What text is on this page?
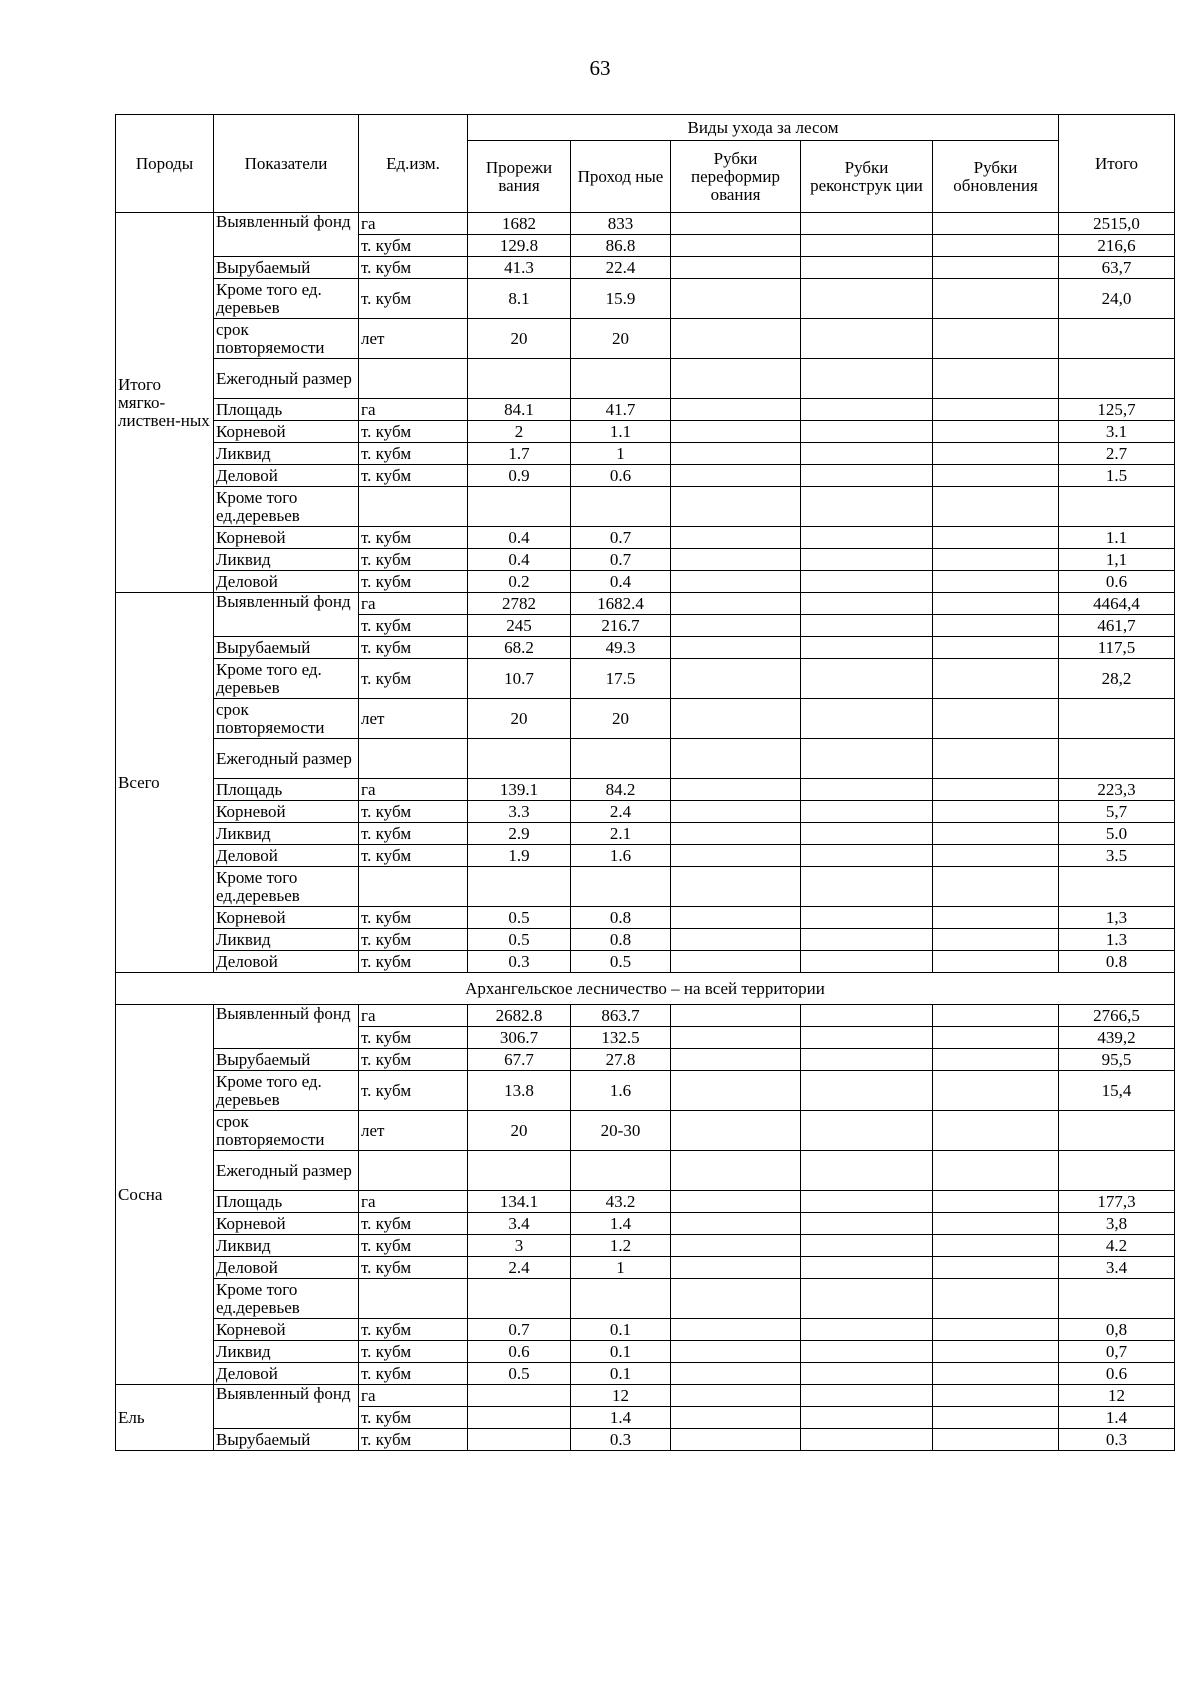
63
Породы	Показатели	Ед.изм.	Виды ухода за лесом					Итого
			Прорежи вания	Проход ные	Рубки переформир ования	Рубки реконструк ции	Рубки обновления	
Итого мягко-листвен-ных	Выявленный фонд	га	1682	833				2515,0
		т. кубм	129.8	86.8				216,6
	Вырубаемый	т. кубм	41.3	22.4				63,7
	Кроме того ед. деревьев	т. кубм	8.1	15.9				24,0
	срок повторяемости	лет	20	20				
	Ежегодный размер							
	Площадь	га	84.1	41.7				125,7
	Корневой	т. кубм	2	1.1				3.1
	Ликвид	т. кубм	1.7	1				2.7
	Деловой	т. кубм	0.9	0.6				1.5
	Кроме того ед.деревьев							
	Корневой	т. кубм	0.4	0.7				1.1
	Ликвид	т. кубм	0.4	0.7				1,1
	Деловой	т. кубм	0.2	0.4				0.6
Всего	Выявленный фонд	га	2782	1682.4				4464,4
		т. кубм	245	216.7				461,7
	Вырубаемый	т. кубм	68.2	49.3				117,5
	Кроме того ед. деревьев	т. кубм	10.7	17.5				28,2
	срок повторяемости	лет	20	20				
	Ежегодный размер							
	Площадь	га	139.1	84.2				223,3
	Корневой	т. кубм	3.3	2.4				5,7
	Ликвид	т. кубм	2.9	2.1				5.0
	Деловой	т. кубм	1.9	1.6				3.5
	Кроме того ед.деревьев							
	Корневой	т. кубм	0.5	0.8				1,3
	Ликвид	т. кубм	0.5	0.8				1.3
	Деловой	т. кубм	0.3	0.5				0.8
Архангельское лесничество – на всей территории								
Сосна	Выявленный фонд	га	2682.8	863.7				2766,5
		т. кубм	306.7	132.5				439,2
	Вырубаемый	т. кубм	67.7	27.8				95,5
	Кроме того ед. деревьев	т. кубм	13.8	1.6				15,4
	срок повторяемости	лет	20	20-30				
	Ежегодный размер							
	Площадь	га	134.1	43.2				177,3
	Корневой	т. кубм	3.4	1.4				3,8
	Ликвид	т. кубм	3	1.2				4.2
	Деловой	т. кубм	2.4	1				3.4
	Кроме того ед.деревьев							
	Корневой	т. кубм	0.7	0.1				0,8
	Ликвид	т. кубм	0.6	0.1				0,7
	Деловой	т. кубм	0.5	0.1				0.6
Ель	Выявленный фонд	га		12				12
		т. кубм		1.4				1.4
	Вырубаемый	т. кубм		0.3				0.3
